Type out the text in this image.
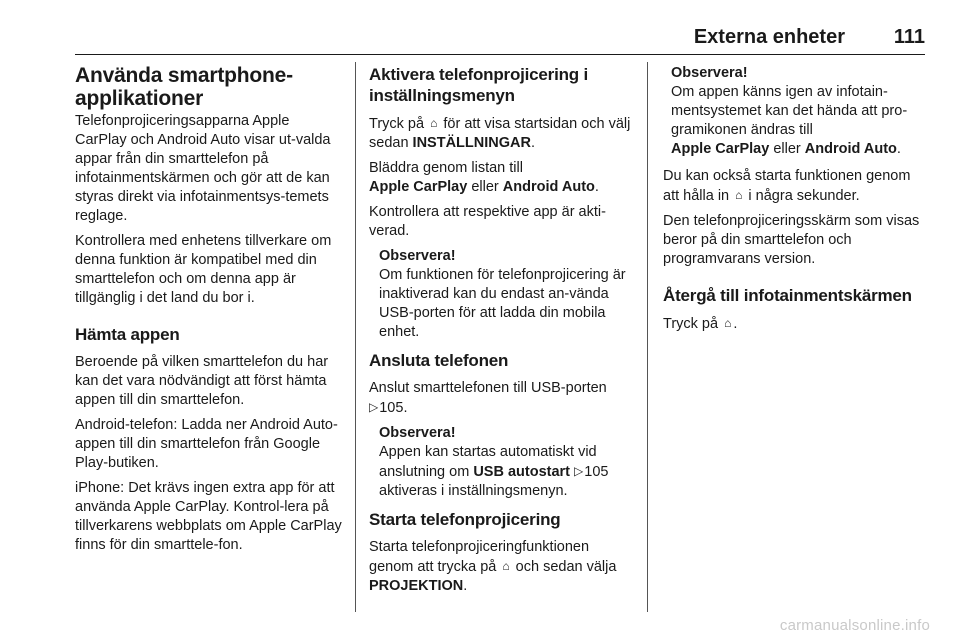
Externa enheter 111
Använda smartphone-
applikationer

Telefonprojiceringsapparna Apple CarPlay och Android Auto visar ut-valda appar från din smarttelefon på infotainmentskärmen och gör att de kan styras direkt via infotainmentsys-temets reglage.

Kontrollera med enhetens tillverkare om denna funktion är kompatibel med din smarttelefon och om denna app är tillgänglig i det land du bor i.

Hämta appen

Beroende på vilken smarttelefon du har kan det vara nödvändigt att först hämta appen till din smarttelefon.

Android-telefon: Ladda ner Android Auto-appen till din smarttelefon från Google Play-butiken.

iPhone: Det krävs ingen extra app för att använda Apple CarPlay. Kontrol-lera på tillverkarens webbplats om Apple CarPlay finns för din smarttele-fon.

Aktivera telefonprojicering i
inställningsmenyn

Tryck på ⌂ för att visa startsidan och välj sedan INSTÄLLNINGAR.

Bläddra genom listan till
Apple CarPlay eller Android Auto.

Kontrollera att respektive app är akti-verad.

Observera!
Om funktionen för telefonprojicering är inaktiverad kan du endast an-vända USB-porten för att ladda din mobila enhet.
Ansluta telefonen

Anslut smarttelefonen till USB-porten ▷105.

Observera!
Appen kan startas automatiskt vid anslutning om USB autostart ▷105 aktiveras i inställningsmenyn.
Starta telefonprojicering

Starta telefonprojiceringfunktionen genom att trycka på ⌂ och sedan välja PROJEKTION.

Observera!
Om appen känns igen av infotain-mentsystemet kan det hända att pro-gramikonen ändras till
Apple CarPlay eller Android Auto.

Du kan också starta funktionen genom att hålla in ⌂ i några sekunder.

Den telefonprojiceringsskärm som visas beror på din smarttelefon och programvarans version.

Återgå till infotainmentskärmen

Tryck på ⌂ .

carmanualsonline.info
